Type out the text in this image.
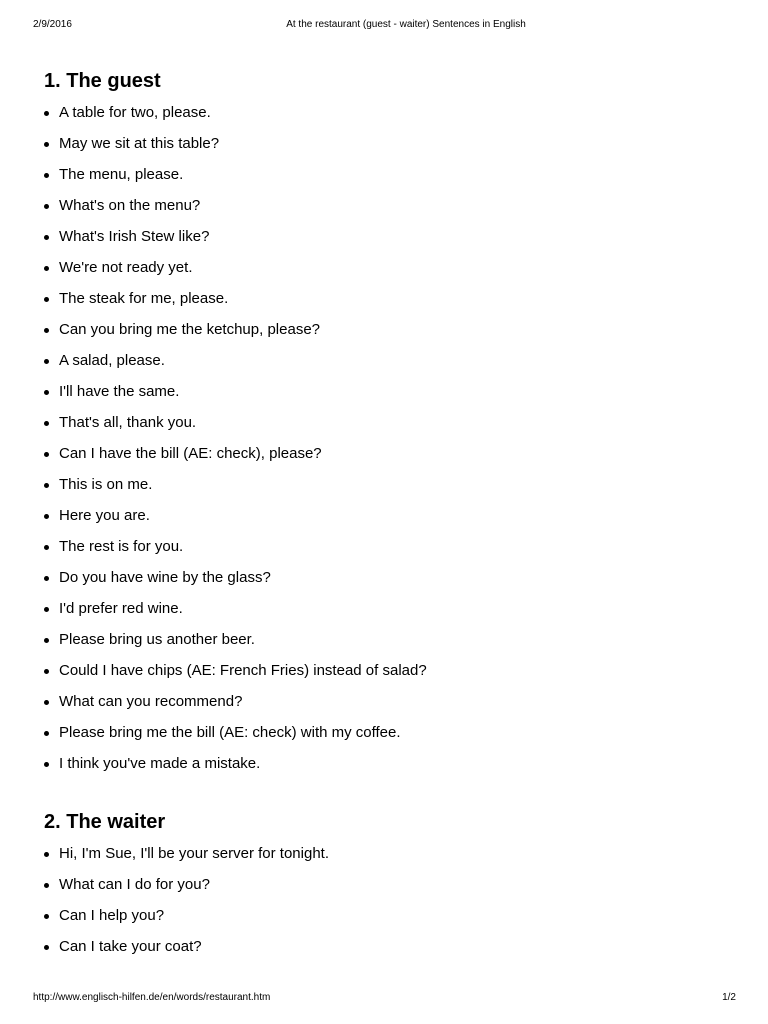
2/9/2016	At the restaurant (guest - waiter) Sentences in English
1. The guest
A table for two, please.
May we sit at this table?
The menu, please.
What's on the menu?
What's Irish Stew like?
We're not ready yet.
The steak for me, please.
Can you bring me the ketchup, please?
A salad, please.
I'll have the same.
That's all, thank you.
Can I have the bill (AE: check), please?
This is on me.
Here you are.
The rest is for you.
Do you have wine by the glass?
I'd prefer red wine.
Please bring us another beer.
Could I have chips (AE: French Fries) instead of salad?
What can you recommend?
Please bring me the bill (AE: check) with my coffee.
I think you've made a mistake.
2. The waiter
Hi, I'm Sue, I'll be your server for tonight.
What can I do for you?
Can I help you?
Can I take your coat?
http://www.englisch-hilfen.de/en/words/restaurant.htm	1/2
